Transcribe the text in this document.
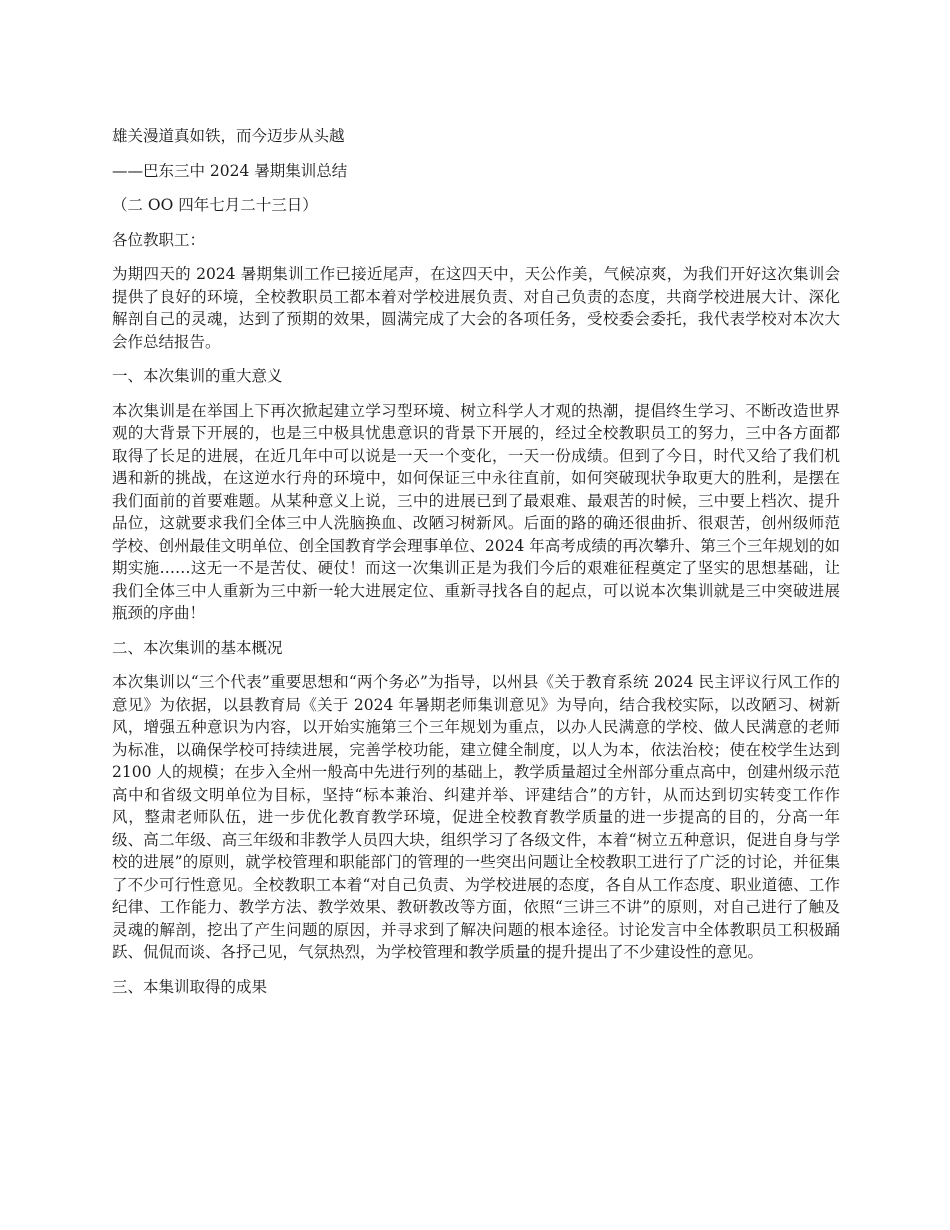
雄关漫道真如铁，而今迈步从头越

——巴东三中 2024 暑期集训总结

（二 OO 四年七月二十三日）

各位教职工：

为期四天的 2024 暑期集训工作已接近尾声，在这四天中，天公作美，气候凉爽，为我们开好这次集训会提供了良好的环境，全校教职员工都本着对学校进展负责、对自己负责的态度，共商学校进展大计、深化解剖自己的灵魂，达到了预期的效果，圆满完成了大会的各项任务，受校委会委托，我代表学校对本次大会作总结报告。

一、本次集训的重大意义

本次集训是在举国上下再次掀起建立学习型环境、树立科学人才观的热潮，提倡终生学习、不断改造世界观的大背景下开展的，也是三中极具忧患意识的背景下开展的，经过全校教职员工的努力，三中各方面都取得了长足的进展，在近几年中可以说是一天一个变化，一天一份成绩。但到了今日，时代又给了我们机遇和新的挑战，在这逆水行舟的环境中，如何保证三中永往直前，如何突破现状争取更大的胜利，是摆在我们面前的首要难题。从某种意义上说，三中的进展已到了最艰难、最艰苦的时候，三中要上档次、提升品位，这就要求我们全体三中人洗脑换血、改陋习树新风。后面的路的确还很曲折、很艰苦，创州级师范学校、创州最佳文明单位、创全国教育学会理事单位、2024 年高考成绩的再次攀升、第三个三年规划的如期实施……这无一不是苦仗、硬仗！而这一次集训正是为我们今后的艰难征程奠定了坚实的思想基础，让我们全体三中人重新为三中新一轮大进展定位、重新寻找各自的起点，可以说本次集训就是三中突破进展瓶颈的序曲！

二、本次集训的基本概况

本次集训以“三个代表”重要思想和“两个务必”为指导，以州县《关于教育系统 2024 民主评议行风工作的意见》为依据，以县教育局《关于 2024 年暑期老师集训意见》为导向，结合我校实际，以改陋习、树新风，增强五种意识为内容，以开始实施第三个三年规划为重点，以办人民满意的学校、做人民满意的老师为标准，以确保学校可持续进展，完善学校功能，建立健全制度，以人为本，依法治校；使在校学生达到 2100 人的规模；在步入全州一般高中先进行列的基础上，教学质量超过全州部分重点高中，创建州级示范高中和省级文明单位为目标，坚持“标本兼治、纠建并举、评建结合”的方针，从而达到切实转变工作作风，整肃老师队伍，进一步优化教育教学环境，促进全校教育教学质量的进一步提高的目的，分高一年级、高二年级、高三年级和非教学人员四大块，组织学习了各级文件，本着“树立五种意识，促进自身与学校的进展”的原则，就学校管理和职能部门的管理的一些突出问题让全校教职工进行了广泛的讨论，并征集了不少可行性意见。全校教职工本着“对自己负责、为学校进展的态度，各自从工作态度、职业道德、工作纪律、工作能力、教学方法、教学效果、教研教改等方面，依照“三讲三不讲”的原则，对自己进行了触及灵魂的解剖，挖出了产生问题的原因，并寻求到了解决问题的根本途径。讨论发言中全体教职员工积极踊跃、侃侃而谈、各抒己见，气氛热烈，为学校管理和教学质量的提升提出了不少建设性的意见。

三、本集训取得的成果
